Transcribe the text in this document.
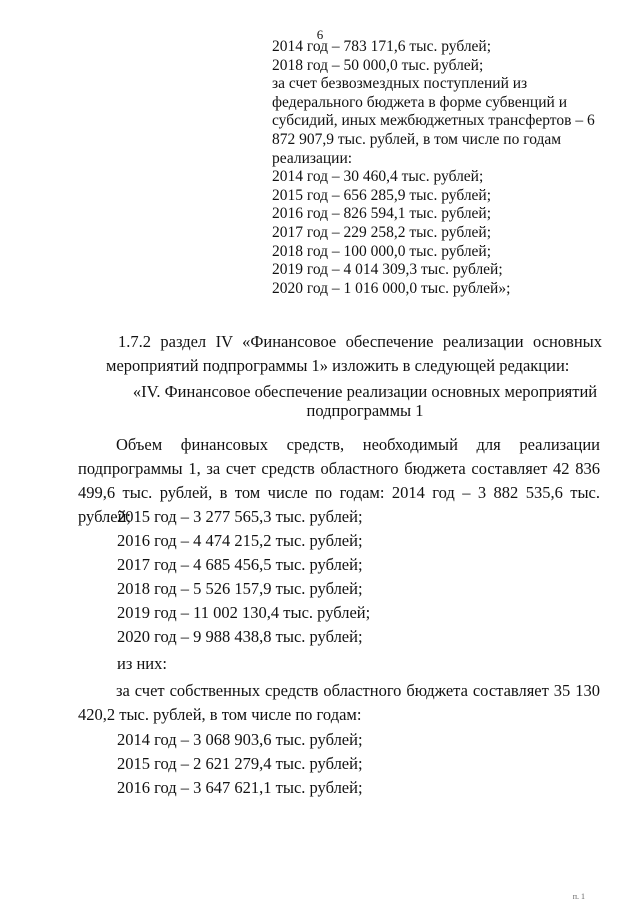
6
2014 год – 783 171,6 тыс. рублей;
2018 год – 50 000,0 тыс. рублей;
за счет безвозмездных поступлений из
федерального бюджета в форме субвенций и
субсидий, иных межбюджетных трансфертов – 6
872 907,9 тыс. рублей, в том числе по годам
реализации:
2014 год – 30 460,4 тыс. рублей;
2015 год – 656 285,9 тыс. рублей;
2016 год – 826 594,1 тыс. рублей;
2017 год – 229 258,2 тыс. рублей;
2018 год – 100 000,0 тыс. рублей;
2019 год – 4 014 309,3 тыс. рублей;
2020 год – 1 016 000,0 тыс. рублей»;
1.7.2 раздел IV «Финансовое обеспечение реализации основных мероприятий подпрограммы 1» изложить в следующей редакции:
«IV. Финансовое обеспечение реализации основных мероприятий
подпрограммы 1
Объем финансовых средств, необходимый для реализации подпрограммы 1, за счет средств областного бюджета составляет 42 836 499,6 тыс. рублей, в том числе по годам: 2014 год – 3 882 535,6 тыс. рублей;
2015 год – 3 277 565,3 тыс. рублей;
2016 год – 4 474 215,2 тыс. рублей;
2017 год – 4 685 456,5 тыс. рублей;
2018 год – 5 526 157,9 тыс. рублей;
2019 год – 11 002 130,4 тыс. рублей;
2020 год – 9 988 438,8 тыс. рублей;
из них:
за счет собственных средств областного бюджета составляет 35 130 420,2 тыс. рублей, в том числе по годам:
2014 год – 3 068 903,6 тыс. рублей;
2015 год – 2 621 279,4 тыс. рублей;
2016 год – 3 647 621,1 тыс. рублей;
п. 1
